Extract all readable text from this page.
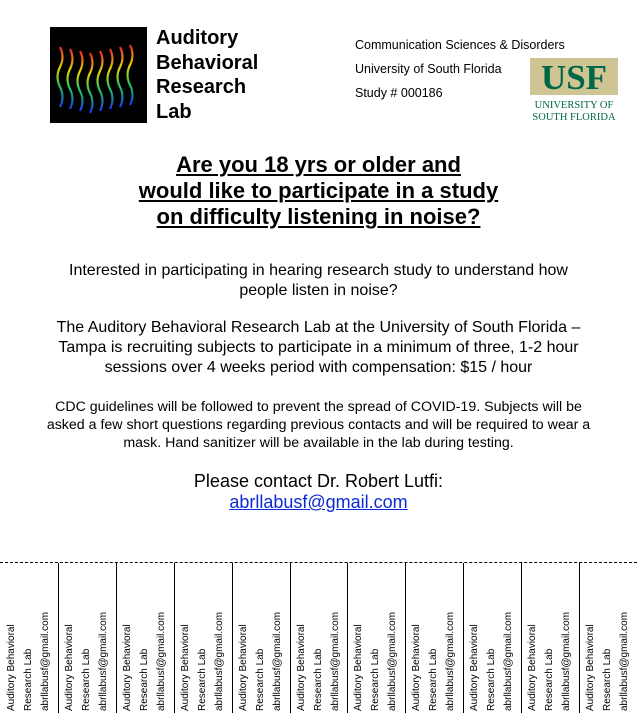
Auditory
Behavioral
Research
Lab
Communication Sciences & Disorders
University of South Florida
Study # 000186	USF
UNIVERSITY OF
SOUTH FLORIDA
Are you 18 yrs or older and
would like to participate in a study
on difficulty listening in noise?
Interested in participating in hearing research study to understand how
people listen in noise?
The Auditory Behavioral Research Lab at the University of South Florida –
Tampa is recruiting subjects to participate in a minimum of three, 1-2 hour
sessions over 4 weeks period with compensation: $15 / hour
CDC guidelines will be followed to prevent the spread of COVID-19. Subjects will be
asked a few short questions regarding previous contacts and will be required to wear a
mask. Hand sanitizer will be available in the lab during testing.
Please contact Dr. Robert Lutfi:
abrllabusf@gmail.com
Auditory Behavioral Research Lab abrllabusf@gmail.com	Auditory Behavioral Research Lab abrllabusf@gmail.com	Auditory Behavioral Research Lab abrllabusf@gmail.com	Auditory Behavioral Research Lab abrllabusf@gmail.com	Auditory Behavioral Research Lab abrllabusf@gmail.com	Auditory Behavioral Research Lab abrllabusf@gmail.com	Auditory Behavioral Research Lab abrllabusf@gmail.com	Auditory Behavioral Research Lab abrllabusf@gmail.com	Auditory Behavioral Research Lab abrllabusf@gmail.com	Auditory Behavioral Research Lab abrllabusf@gmail.com	Auditory Behavioral Research Lab abrllabusf@gmail.com
